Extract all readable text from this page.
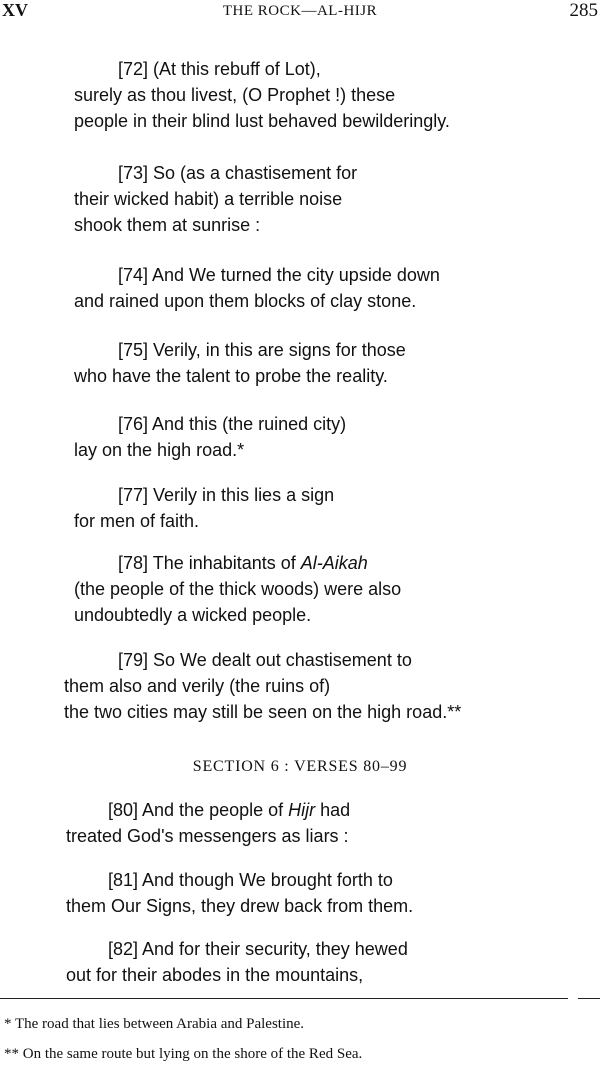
XV	THE ROCK—AL-HIJR	285
[72] (At this rebuff of Lot),
surely as thou livest, (O Prophet !) these
people in their blind lust behaved bewilderingly.
[73] So (as a chastisement for
their wicked habit) a terrible noise
shook them at sunrise :
[74] And We turned the city upside down
and rained upon them blocks of clay stone.
[75] Verily, in this are signs for those
who have the talent to probe the reality.
[76] And this (the ruined city)
lay on the high road.*
[77] Verily in this lies a sign
for men of faith.
[78] The inhabitants of Al-Aikah
(the people of the thick woods) were also
undoubtedly a wicked people.
[79] So We dealt out chastisement to
them also and verily (the ruins of)
the two cities may still be seen on the high road.**
SECTION 6 : VERSES 80–99
[80] And the people of Hijr had
treated God's messengers as liars :
[81] And though We brought forth to
them Our Signs, they drew back from them.
[82] And for their security, they hewed
out for their abodes in the mountains,
* The road that lies between Arabia and Palestine.
** On the same route but lying on the shore of the Red Sea.
